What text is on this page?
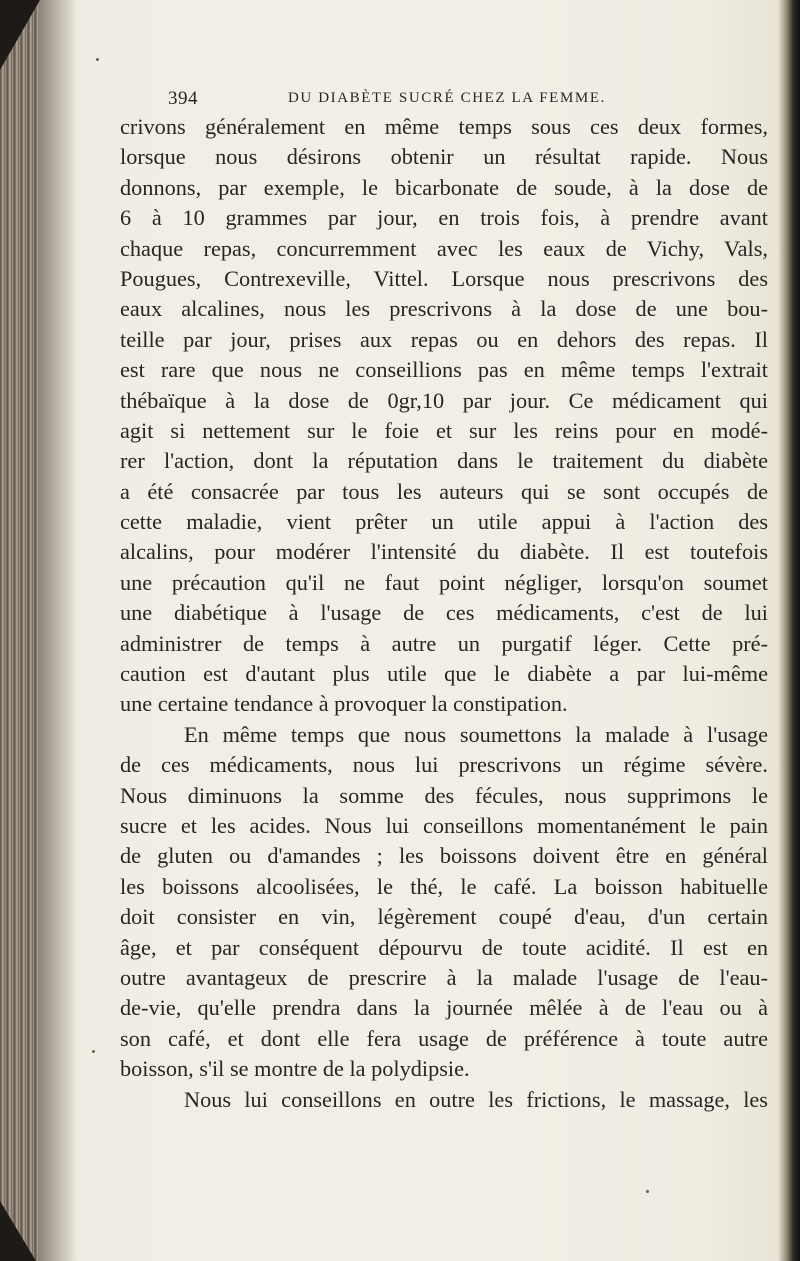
394	DU DIABÈTE SUCRÉ CHEZ LA FEMME.
crivons généralement en même temps sous ces deux formes,
lorsque nous désirons obtenir un résultat rapide. Nous
donnons, par exemple, le bicarbonate de soude, à la dose de
6 à 10 grammes par jour, en trois fois, à prendre avant
chaque repas, concurremment avec les eaux de Vichy, Vals,
Pougues, Contrexeville, Vittel. Lorsque nous prescrivons des
eaux alcalines, nous les prescrivons à la dose de une bou-
teille par jour, prises aux repas ou en dehors des repas. Il
est rare que nous ne conseillions pas en même temps l'extrait
thébaïque à la dose de 0gr,10 par jour. Ce médicament qui
agit si nettement sur le foie et sur les reins pour en modé-
rer l'action, dont la réputation dans le traitement du diabète
a été consacrée par tous les auteurs qui se sont occupés de
cette maladie, vient prêter un utile appui à l'action des
alcalins, pour modérer l'intensité du diabète. Il est toutefois
une précaution qu'il ne faut point négliger, lorsqu'on soumet
une diabétique à l'usage de ces médicaments, c'est de lui
administrer de temps à autre un purgatif léger. Cette pré-
caution est d'autant plus utile que le diabète a par lui-même
une certaine tendance à provoquer la constipation.
En même temps que nous soumettons la malade à l'usage
de ces médicaments, nous lui prescrivons un régime sévère.
Nous diminuons la somme des fécules, nous supprimons le
sucre et les acides. Nous lui conseillons momentanément le pain
de gluten ou d'amandes ; les boissons doivent être en général
les boissons alcoolisées, le thé, le café. La boisson habituelle
doit consister en vin, légèrement coupé d'eau, d'un certain
âge, et par conséquent dépourvu de toute acidité. Il est en
outre avantageux de prescrire à la malade l'usage de l'eau-
de-vie, qu'elle prendra dans la journée mêlée à de l'eau ou à
son café, et dont elle fera usage de préférence à toute autre
boisson, s'il se montre de la polydipsie.
Nous lui conseillons en outre les frictions, le massage, les
